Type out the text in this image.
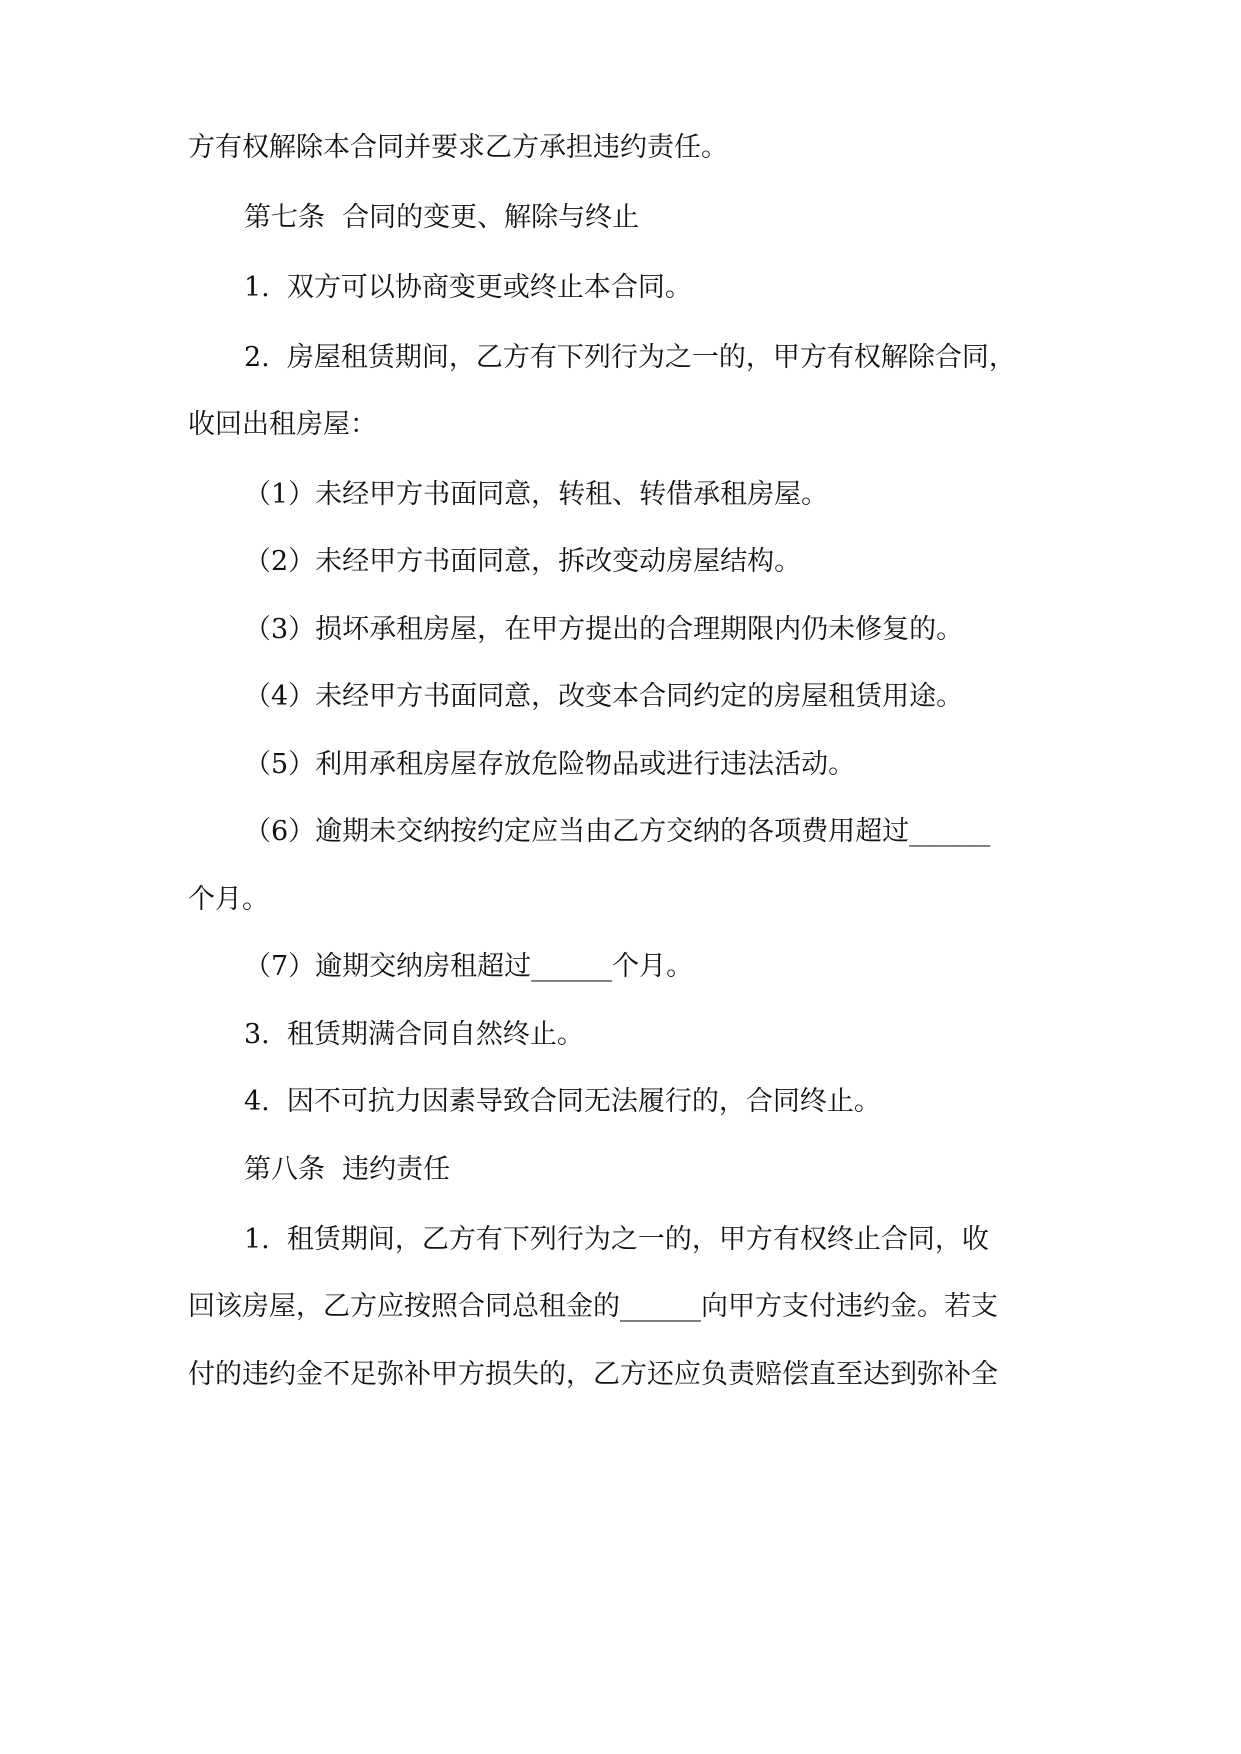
方有权解除本合同并要求乙方承担违约责任。

第七条  合同的变更、解除与终止

1.  双方可以协商变更或终止本合同。

2.  房屋租赁期间，乙方有下列行为之一的，甲方有权解除合同，

收回出租房屋：

（1）未经甲方书面同意，转租、转借承租房屋。

（2）未经甲方书面同意，拆改变动房屋结构。

（3）损坏承租房屋，在甲方提出的合理期限内仍未修复的。

（4）未经甲方书面同意，改变本合同约定的房屋租赁用途。

（5）利用承租房屋存放危险物品或进行违法活动。

（6）逾期未交纳按约定应当由乙方交纳的各项费用超过______

个月。

（7）逾期交纳房租超过______个月。

3.  租赁期满合同自然终止。

4.  因不可抗力因素导致合同无法履行的，合同终止。

第八条  违约责任

1.  租赁期间，乙方有下列行为之一的，甲方有权终止合同，收

回该房屋，乙方应按照合同总租金的______向甲方支付违约金。若支

付的违约金不足弥补甲方损失的，乙方还应负责赔偿直至达到弥补全
